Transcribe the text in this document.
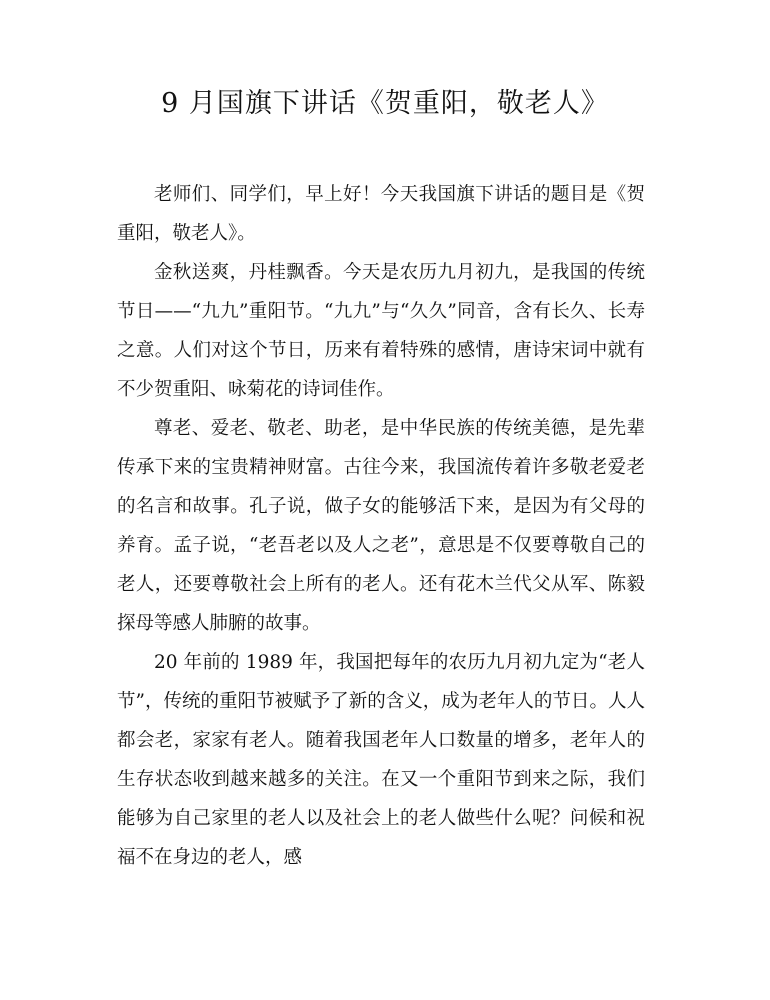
9 月国旗下讲话《贺重阳，敬老人》

老师们、同学们，早上好！今天我国旗下讲话的题目是《贺重阳，敬老人》。

金秋送爽，丹桂飘香。今天是农历九月初九，是我国的传统节日——“九九”重阳节。“九九”与“久久”同音，含有长久、长寿之意。人们对这个节日，历来有着特殊的感情，唐诗宋词中就有不少贺重阳、咏菊花的诗词佳作。

尊老、爱老、敬老、助老，是中华民族的传统美德，是先辈传承下来的宝贵精神财富。古往今来，我国流传着许多敬老爱老的名言和故事。孔子说，做子女的能够活下来，是因为有父母的养育。孟子说，“老吾老以及人之老”，意思是不仅要尊敬自己的老人，还要尊敬社会上所有的老人。还有花木兰代父从军、陈毅探母等感人肺腑的故事。

20 年前的 1989 年，我国把每年的农历九月初九定为“老人节”，传统的重阳节被赋予了新的含义，成为老年人的节日。人人都会老，家家有老人。随着我国老年人口数量的增多，老年人的生存状态收到越来越多的关注。在又一个重阳节到来之际，我们能够为自己家里的老人以及社会上的老人做些什么呢？问候和祝福不在身边的老人，感
